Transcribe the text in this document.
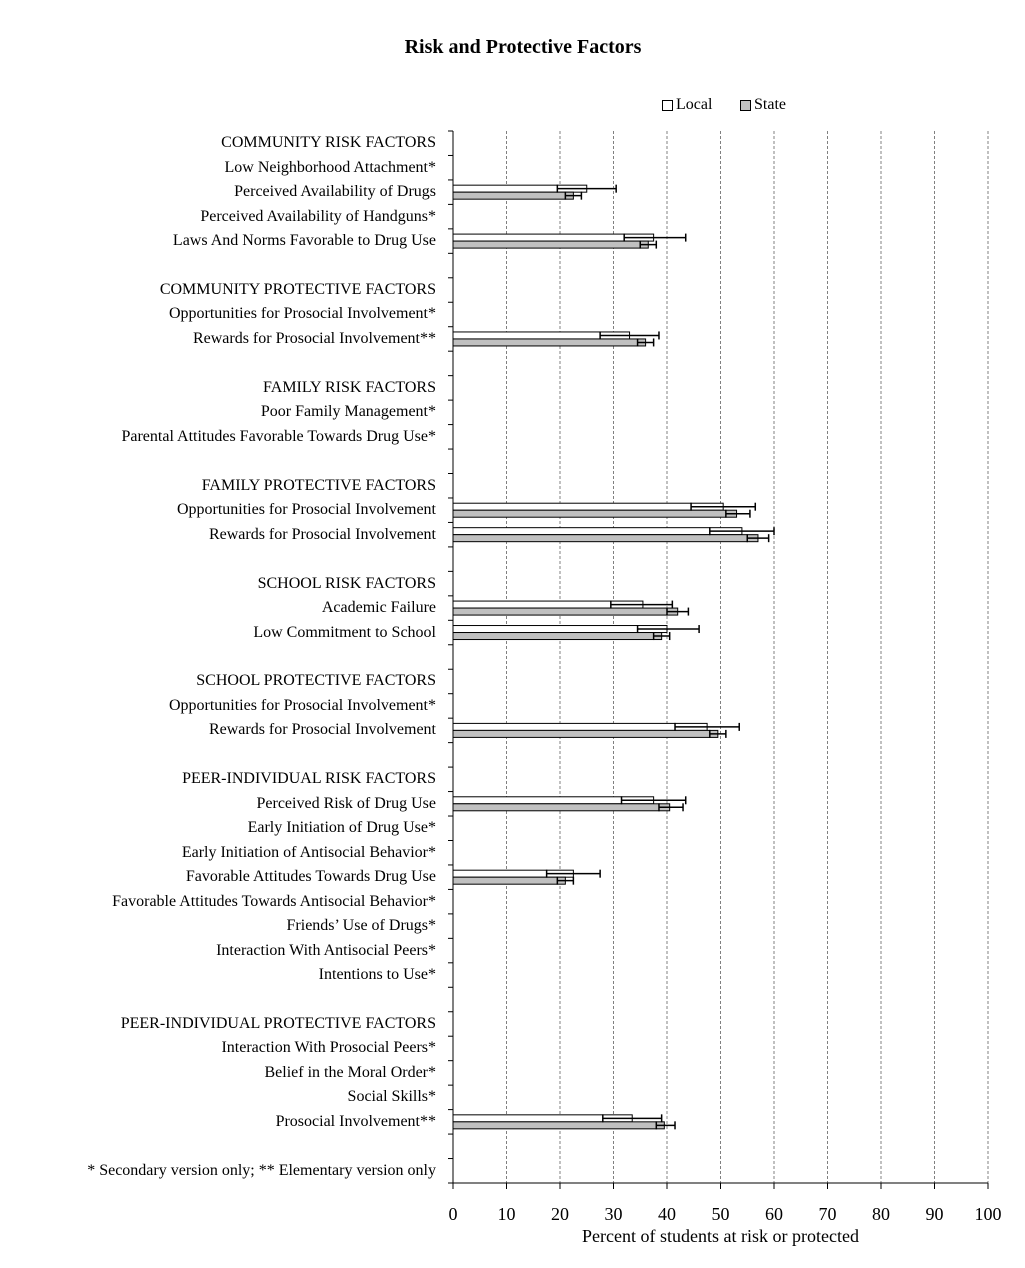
Risk and Protective Factors
Local	State
COMMUNITY RISK FACTORS
Low Neighborhood Attachment*
Perceived Availability of Drugs
Perceived Availability of Handguns*
Laws And Norms Favorable to Drug Use
COMMUNITY PROTECTIVE FACTORS
Opportunities for Prosocial Involvement*
Rewards for Prosocial Involvement**
FAMILY RISK FACTORS
Poor Family Management*
Parental Attitudes Favorable Towards Drug Use*
FAMILY PROTECTIVE FACTORS
Opportunities for Prosocial Involvement
Rewards for Prosocial Involvement
SCHOOL RISK FACTORS
Academic Failure
Low Commitment to School
SCHOOL PROTECTIVE FACTORS
Opportunities for Prosocial Involvement*
Rewards for Prosocial Involvement
PEER-INDIVIDUAL RISK FACTORS
Perceived Risk of Drug Use
Early Initiation of Drug Use*
Early Initiation of Antisocial Behavior*
Favorable Attitudes Towards Drug Use
Favorable Attitudes Towards Antisocial Behavior*
Friends’ Use of Drugs*
Interaction With Antisocial Peers*
Intentions to Use*
PEER-INDIVIDUAL PROTECTIVE FACTORS
Interaction With Prosocial Peers*
Belief in the Moral Order*
Social Skills*
Prosocial Involvement**
* Secondary version only; ** Elementary version only
0	10	20	30	40	50	60	70	80	90	100
Percent of students at risk or protected
